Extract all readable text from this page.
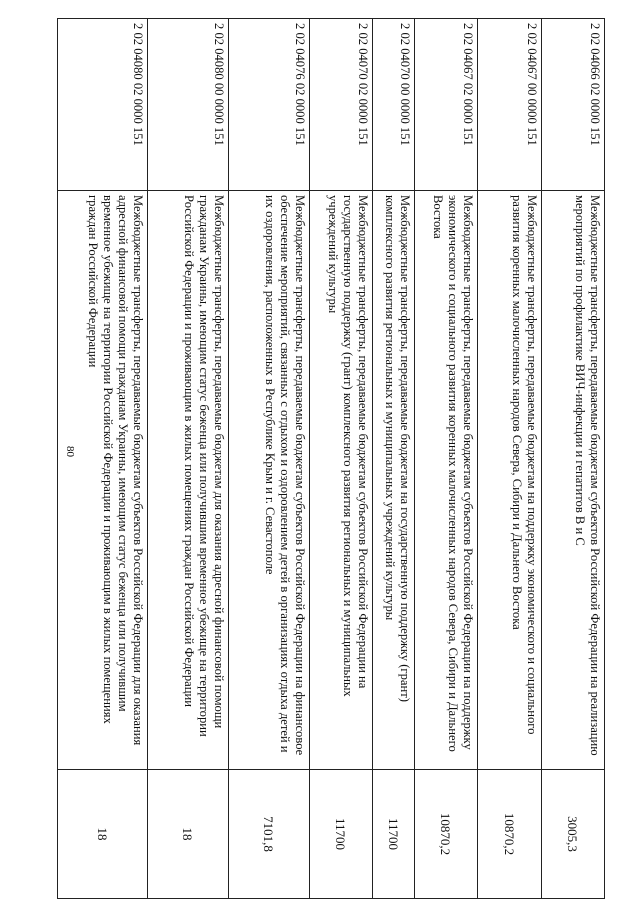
80
2 02 04066 02 0000 151	Межбюджетные трансферты, передаваемые бюджетам субъектов Российской Федерации на реализацию мероприятий по профилактике ВИЧ-инфекции и гепатитов В и С	3005,3
2 02 04067 00 0000 151	Межбюджетные трансферты, передаваемые бюджетам на поддержку экономического и социального развития коренных малочисленных народов Севера, Сибири и Дальнего Востока	10870,2
2 02 04067 02 0000 151	Межбюджетные трансферты, передаваемые бюджетам субъектов Российской Федерации на поддержку экономического и социального развития коренных малочисленных народов Севера, Сибири и Дальнего Востока	10870,2
2 02 04070 00 0000 151	Межбюджетные трансферты, передаваемые бюджетам на государственную поддержку (грант) комплексного развития региональных и муниципальных учреждений культуры	11700
2 02 04070 02 0000 151	Межбюджетные трансферты, передаваемые бюджетам субъектов Российской Федерации на государственную поддержку (грант) комплексного развития региональных и муниципальных учреждений культуры	11700
2 02 04076 02 0000 151	Межбюджетные трансферты, передаваемые бюджетам субъектов Российской Федерации на финансовое обеспечение мероприятий, связанных с отдыхом и оздоровлением детей в организациях отдыха детей и их оздоровления, расположенных в Республике Крым и г. Севастополе	7101,8
2 02 04080 00 0000 151	Межбюджетные трансферты, передаваемые бюджетам для оказания адресной финансовой помощи гражданам Украины, имеющим статус беженца или получившим временное убежище на территории Российской Федерации и проживающим в жилых помещениях граждан Российской Федерации	18
2 02 04080 02 0000 151	Межбюджетные трансферты, передаваемые бюджетам субъектов Российской Федерации для оказания адресной финансовой помощи гражданам Украины, имеющим статус беженца или получившим временное убежище на территории Российской Федерации и проживающим в жилых помещениях граждан Российской Федерации	18
